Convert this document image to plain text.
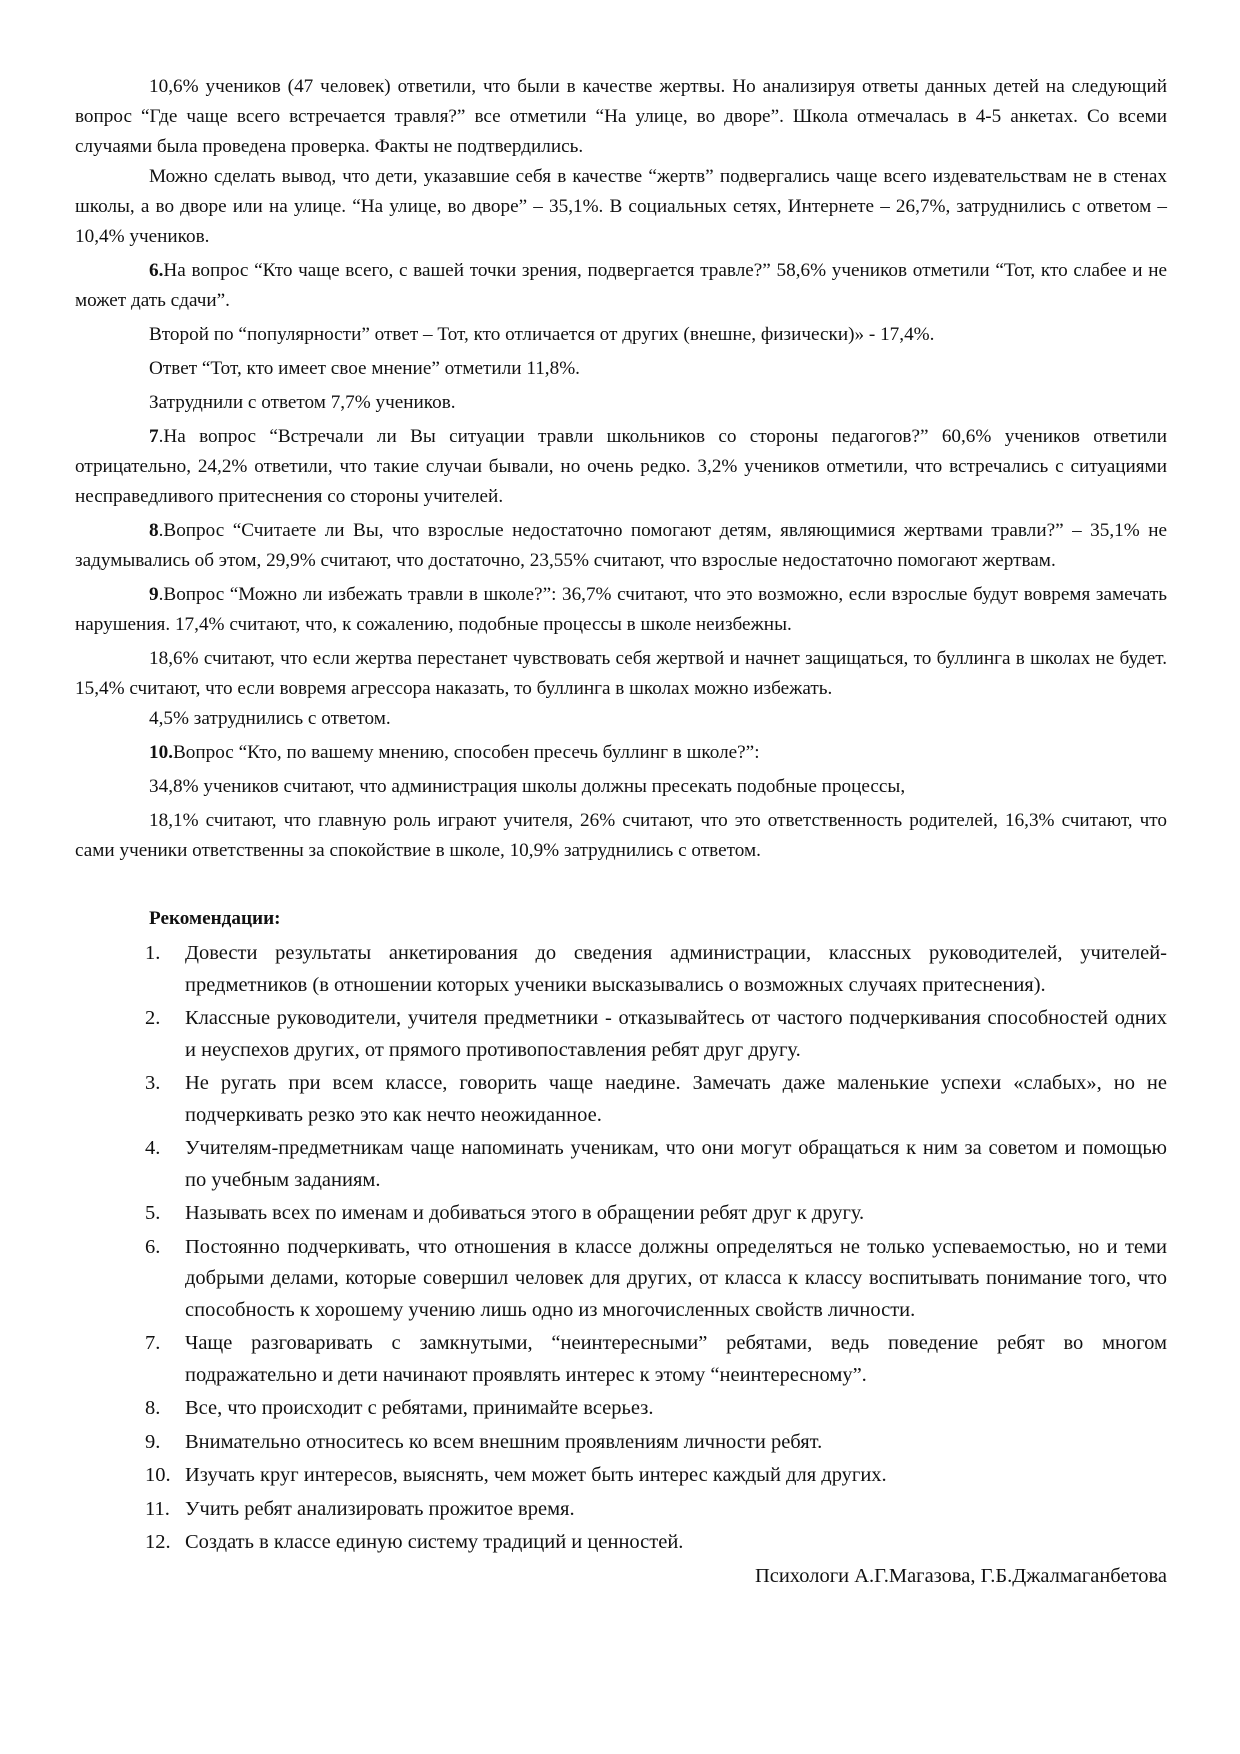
10,6% учеников (47 человек) ответили, что были в качестве жертвы. Но анализируя ответы данных детей на следующий вопрос “Где чаще всего встречается травля?” все отметили “На улице, во дворе”. Школа отмечалась в 4-5 анкетах. Со всеми случаями была проведена проверка. Факты не подтвердились.

Можно сделать вывод, что дети, указавшие себя в качестве “жертв” подвергались чаще всего издевательствам не в стенах школы, а во дворе или на улице. “На улице, во дворе” – 35,1%. В социальных сетях, Интернете – 26,7%, затруднились с ответом – 10,4% учеников.

6.На вопрос “Кто чаще всего, с вашей точки зрения, подвергается травле?” 58,6% учеников отметили “Тот, кто слабее и не может дать сдачи”.

Второй по “популярности” ответ – Тот, кто отличается от других (внешне, физически)» - 17,4%.

Ответ “Тот, кто имеет свое мнение” отметили 11,8%.

Затруднили с ответом 7,7% учеников.

7.На вопрос “Встречали ли Вы ситуации травли школьников со стороны педагогов?” 60,6% учеников ответили отрицательно, 24,2% ответили, что такие случаи бывали, но очень редко. 3,2% учеников отметили, что встречались с ситуациями несправедливого притеснения со стороны учителей.

8.Вопрос “Считаете ли Вы, что взрослые недостаточно помогают детям, являющимися жертвами травли?” – 35,1% не задумывались об этом, 29,9% считают, что достаточно, 23,55% считают, что взрослые недостаточно помогают жертвам.

9.Вопрос “Можно ли избежать травли в школе?”: 36,7% считают, что это возможно, если взрослые будут вовремя замечать нарушения. 17,4% считают, что, к сожалению, подобные процессы в школе неизбежны.

18,6% считают, что если жертва перестанет чувствовать себя жертвой и начнет защищаться, то буллинга в школах не будет. 15,4% считают, что если вовремя агрессора наказать, то буллинга в школах можно избежать.

4,5% затруднились с ответом.

10.Вопрос “Кто, по вашему мнению, способен пресечь буллинг в школе?”:

34,8% учеников считают, что администрация школы должны пресекать подобные процессы,

18,1% считают, что главную роль играют учителя, 26% считают, что это ответственность родителей, 16,3% считают, что сами ученики ответственны за спокойствие в школе, 10,9% затруднились с ответом.

Рекомендации:
1.	Довести результаты анкетирования до сведения администрации, классных руководителей, учителей-предметников (в отношении которых ученики высказывались о возможных случаях притеснения).
2.	Классные руководители, учителя предметники - отказывайтесь от частого подчеркивания способностей одних и неуспехов других, от прямого противопоставления ребят друг другу.
3.	Не ругать при всем классе, говорить чаще наедине. Замечать даже маленькие успехи «слабых», но не подчеркивать резко это как нечто неожиданное.
4.	Учителям-предметникам чаще напоминать ученикам, что они могут обращаться к ним за советом и помощью по учебным заданиям.
5.	Называть всех по именам и добиваться этого в обращении ребят друг к другу.
6.	Постоянно подчеркивать, что отношения в классе должны определяться не только успеваемостью, но и теми добрыми делами, которые совершил человек для других, от класса к классу воспитывать понимание того, что способность к хорошему учению лишь одно из многочисленных свойств личности.
7.	Чаще разговаривать с замкнутыми, “неинтересными” ребятами, ведь поведение ребят во многом подражательно и дети начинают проявлять интерес к этому “неинтересному”.
8.	Все, что происходит с ребятами, принимайте всерьез.
9.	Внимательно относитесь ко всем внешним проявлениям личности ребят.
10. Изучать круг интересов, выяснять, чем может быть интерес каждый для других.
11. Учить ребят анализировать прожитое время.
12. Создать в классе единую систему традиций и ценностей.
Психологи А.Г.Магазова, Г.Б.Джалмаганбетова
